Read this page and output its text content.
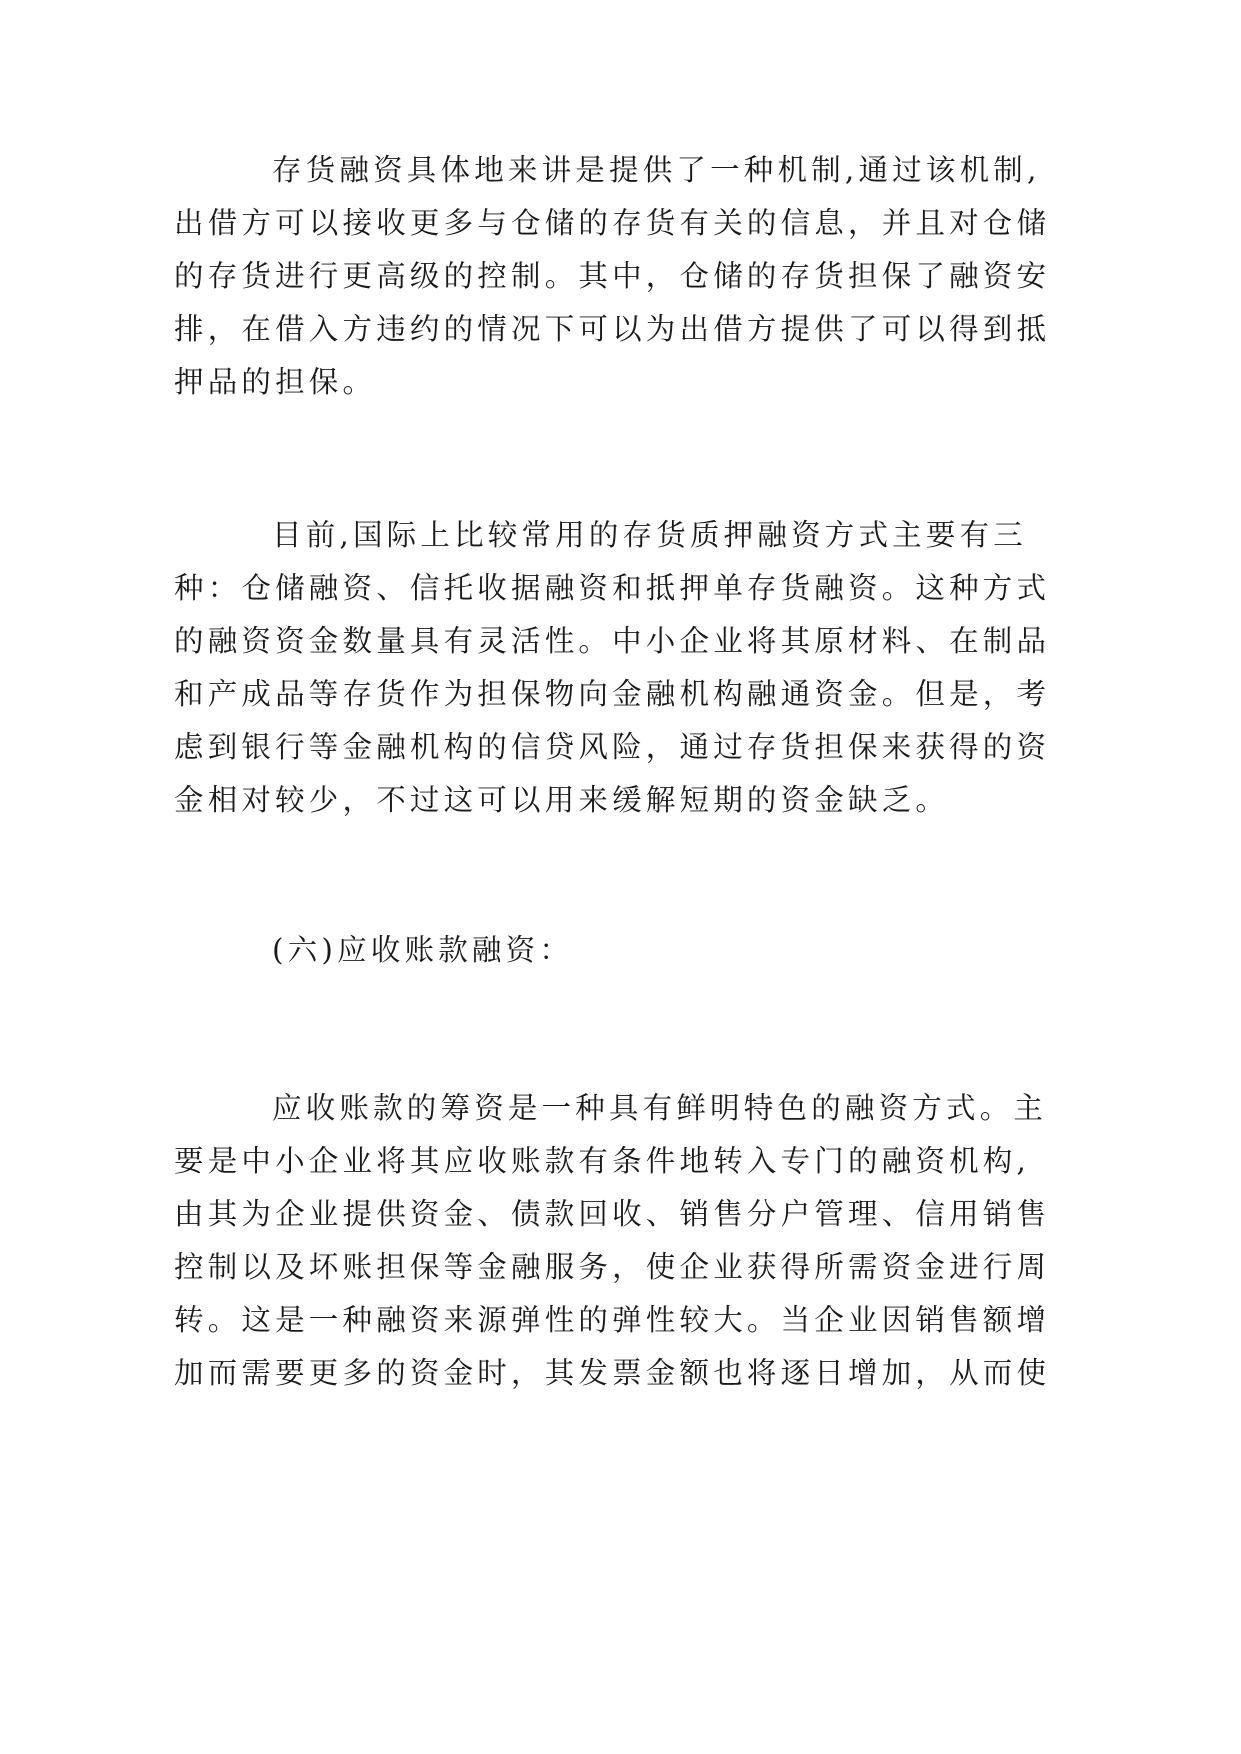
存货融资具体地来讲是提供了一种机制,通过该机制,
出借方可以接收更多与仓储的存货有关的信息，并且对仓储
的存货进行更高级的控制。其中，仓储的存货担保了融资安
排，在借入方违约的情况下可以为出借方提供了可以得到抵
押品的担保。
目前,国际上比较常用的存货质押融资方式主要有三
种：仓储融资、信托收据融资和抵押单存货融资。这种方式
的融资资金数量具有灵活性。中小企业将其原材料、在制品
和产成品等存货作为担保物向金融机构融通资金。但是，考
虑到银行等金融机构的信贷风险，通过存货担保来获得的资
金相对较少，不过这可以用来缓解短期的资金缺乏。
(六)应收账款融资：
应收账款的筹资是一种具有鲜明特色的融资方式。主
要是中小企业将其应收账款有条件地转入专门的融资机构,
由其为企业提供资金、债款回收、销售分户管理、信用销售
控制以及坏账担保等金融服务，使企业获得所需资金进行周
转。这是一种融资来源弹性的弹性较大。当企业因销售额增
加而需要更多的资金时，其发票金额也将逐日增加，从而使
